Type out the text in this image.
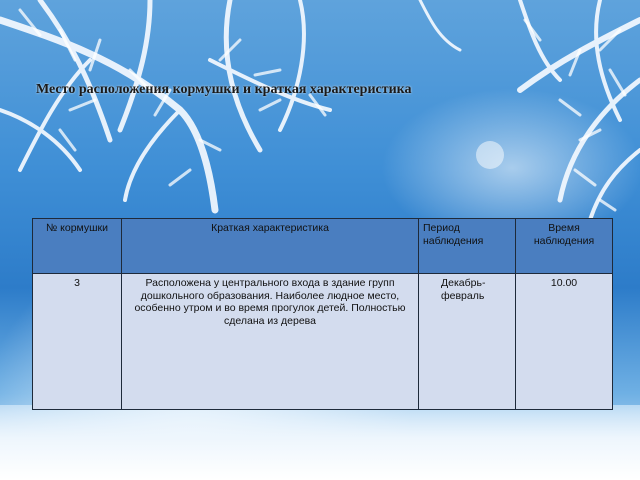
Место расположения кормушки и краткая характеристика
№ кормушки	Краткая характеристика	Период наблюдения	Время наблюдения
3	Расположена у центрального входа в здание групп дошкольного образования. Наиболее людное место, особенно утром и во время прогулок детей. Полностью сделана из дерева	Декабрь-февраль	10.00
